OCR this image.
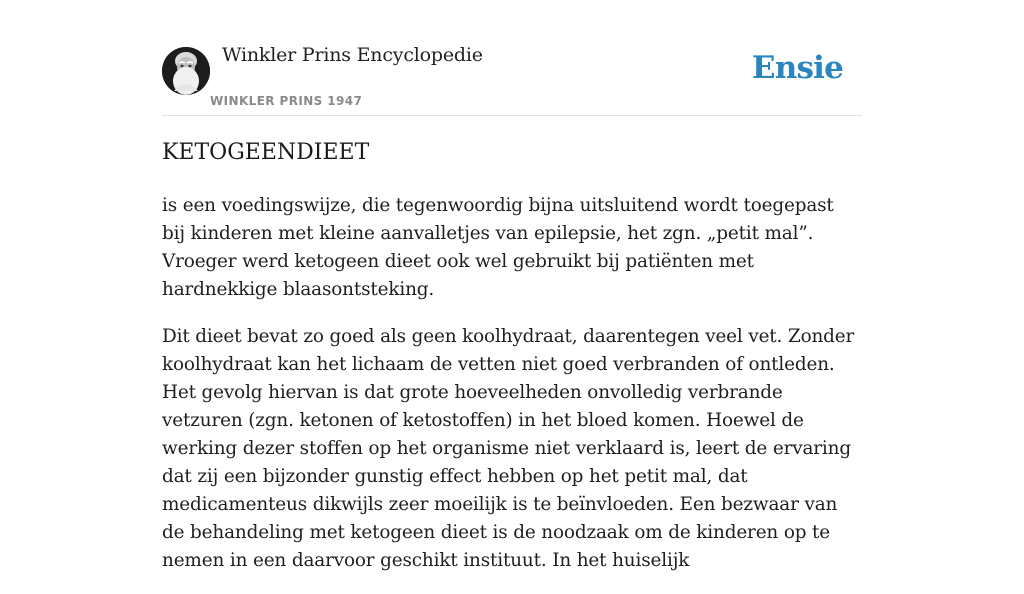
Winkler Prins Encyclopedie
WINKLER PRINS 1947
Ensie
KETOGEENDIEET

is een voedingswijze, die tegenwoordig bijna uitsluitend wordt toegepast bij kinderen met kleine aanvalletjes van epilepsie, het zgn. „petit mal”. Vroeger werd ketogeen dieet ook wel gebruikt bij patiënten met hardnekkige blaasontsteking.

Dit dieet bevat zo goed als geen koolhydraat, daarentegen veel vet. Zonder koolhydraat kan het lichaam de vetten niet goed verbranden of ontleden. Het gevolg hiervan is dat grote hoeveelheden onvolledig verbrande vetzuren (zgn. ketonen of ketostoffen) in het bloed komen. Hoewel de werking dezer stoffen op het organisme niet verklaard is, leert de ervaring dat zij een bijzonder gunstig effect hebben op het petit mal, dat medicamenteus dikwijls zeer moeilijk is te beïnvloeden. Een bezwaar van de behandeling met ketogeen dieet is de noodzaak om de kinderen op te nemen in een daarvoor geschikt instituut. In het huiselijk
